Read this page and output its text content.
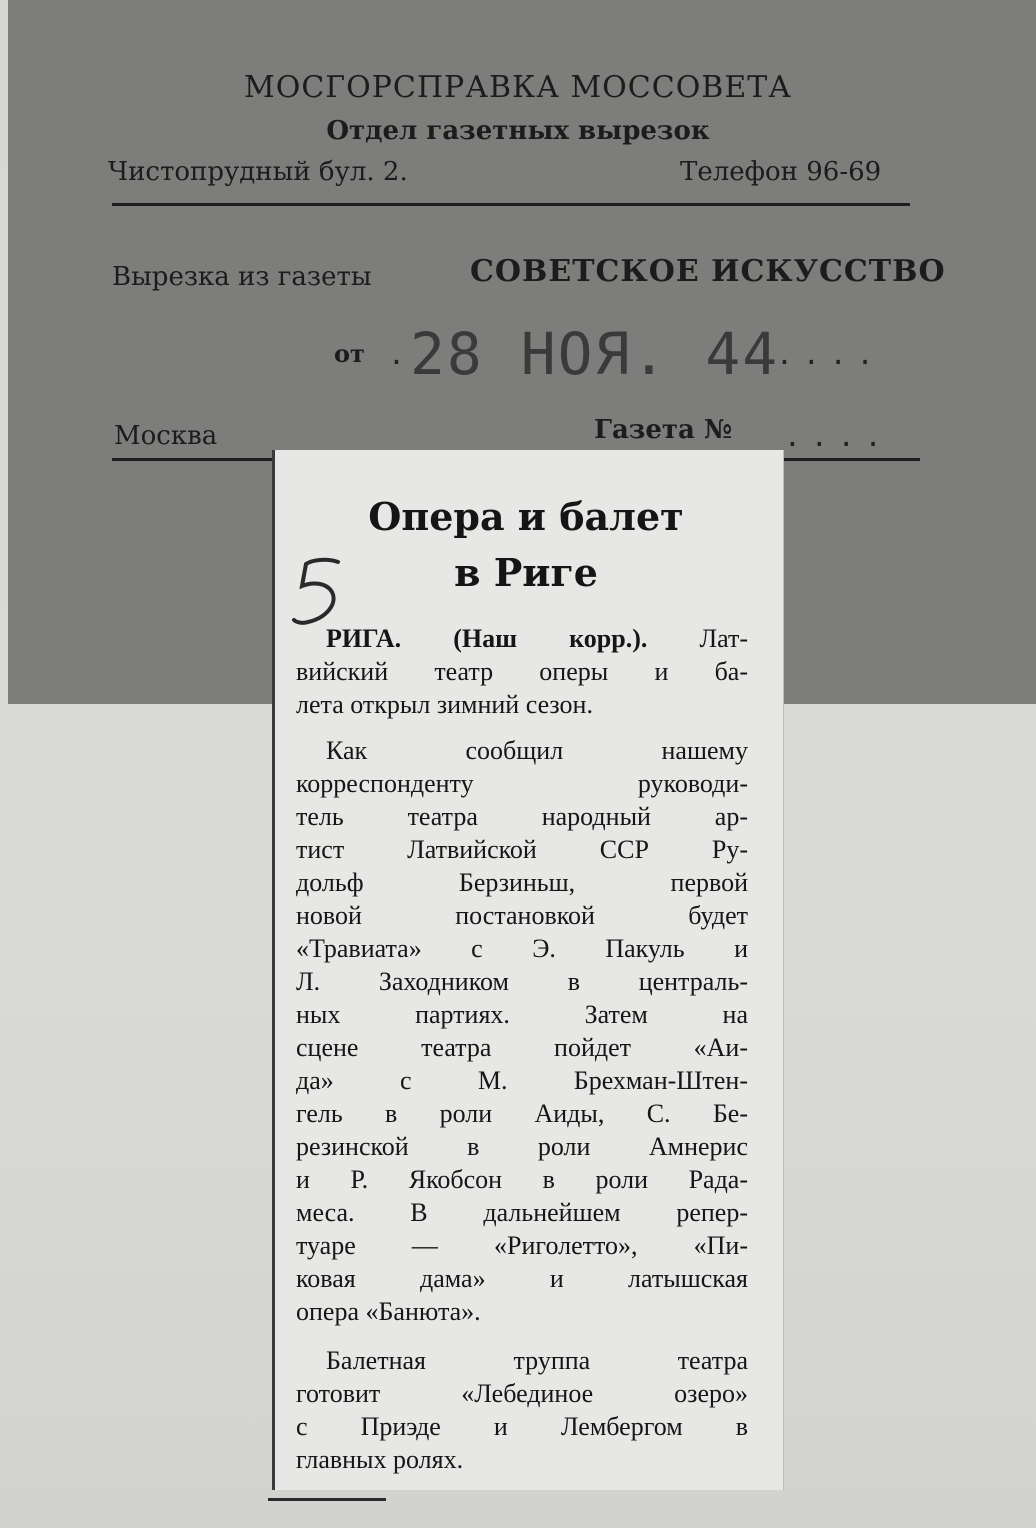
МОСГОРСПРАВКА МОССОВЕТА
Отдел газетных вырезок
Чистопрудный бул. 2.	Телефон 96-69
Вырезка из газеты	СОВЕТСКОЕ ИСКУССТВО
от .
28 НОЯ. 44
....
Москва	Газета № ....
Опера и балет
в Риге
РИГА. (Наш корр.). Лат-
вийский театр оперы и ба-
лета открыл зимний сезон.
Как сообщил нашему
корреспонденту руководи-
тель театра народный ар-
тист Латвийской ССР Ру-
дольф Берзиньш, первой
новой постановкой будет
«Травиата» с Э. Пакуль и
Л. Заходником в централь-
ных партиях. Затем на
сцене театра пойдет «Аи-
да» с М. Брехман-Штен-
гель в роли Аиды, С. Бе-
резинской в роли Амнерис
и Р. Якобсон в роли Рада-
меса. В дальнейшем репер-
туаре — «Риголетто», «Пи-
ковая дама» и латышская
опера «Банюта».
Балетная труппа театра
готовит «Лебединое озеро»
с Приэде и Лембергом в
главных ролях.
